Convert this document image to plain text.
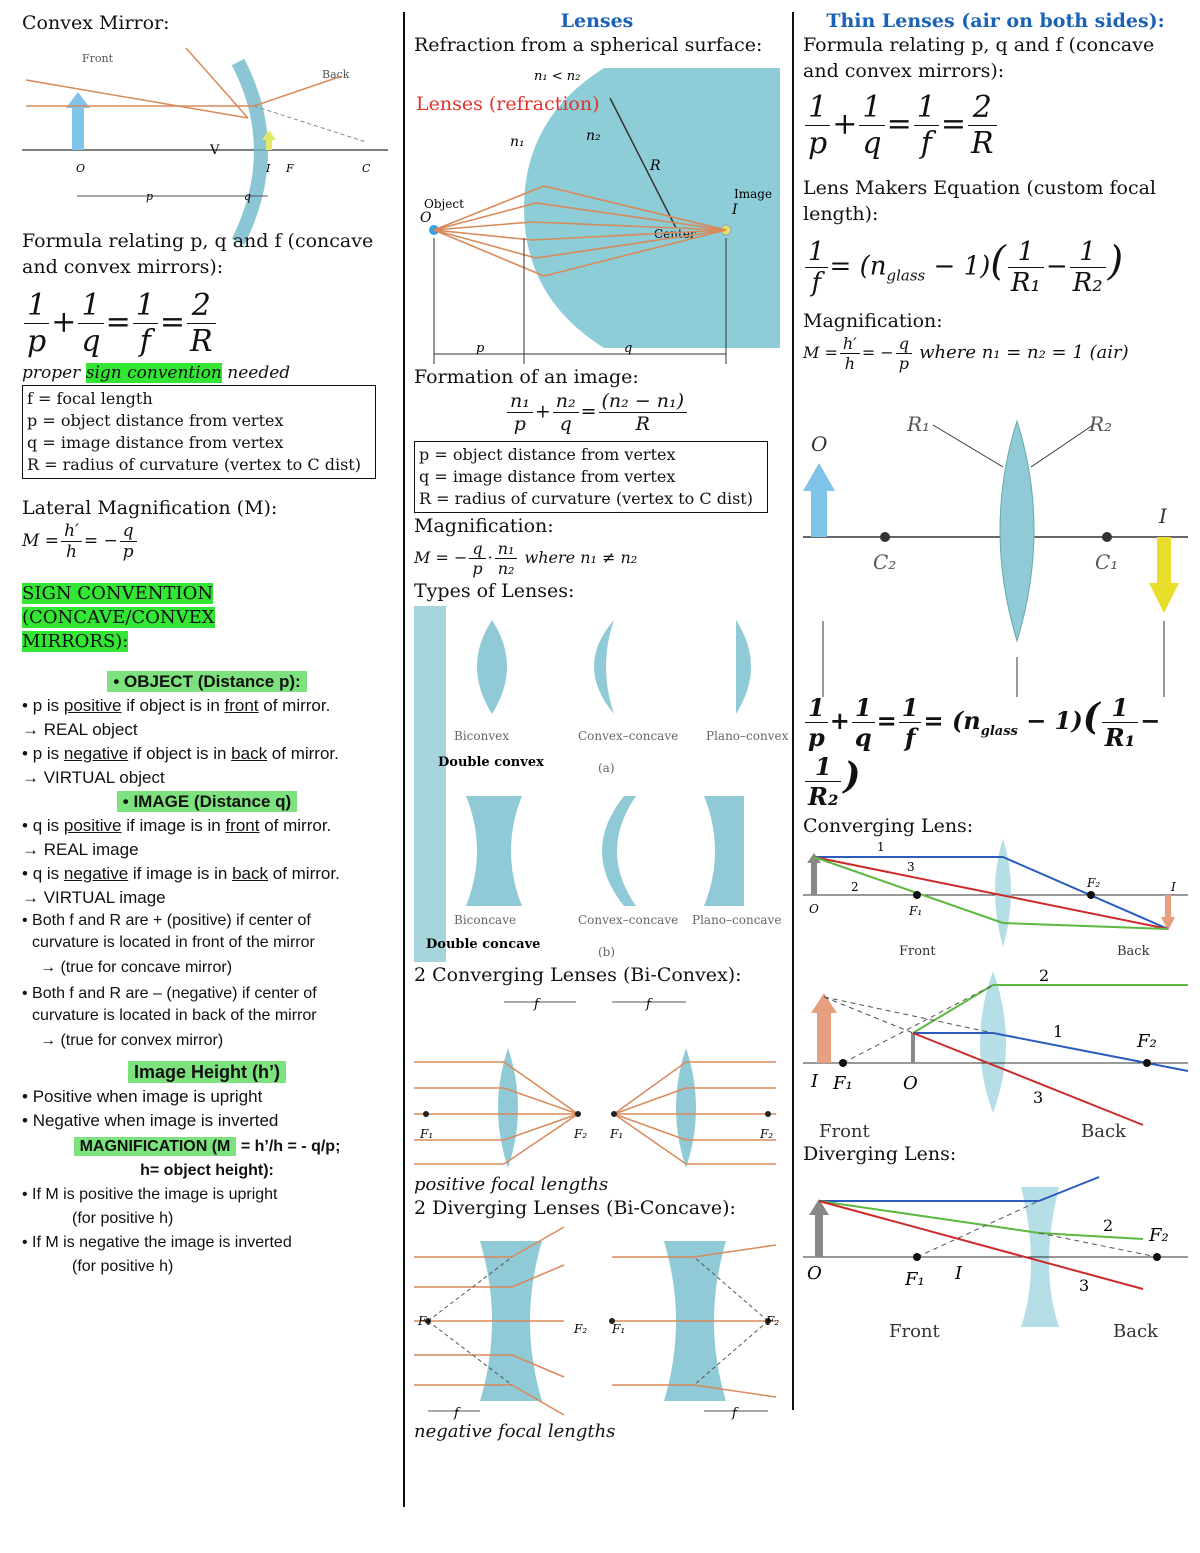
Convex Mirror:
Front
Back
O	I F	C
V
p	q
Formula relating p, q and f (concave and convex mirrors):
$\frac{1}{p} + \frac{1}{q} = \frac{1}{f} = \frac{2}{R}$
proper sign convention needed
f = focal length
p = object distance from vertex
q = image distance from vertex
R = radius of curvature (vertex to C dist)
Lateral Magnification (M):
$M = \frac{h'}{h}$ = − $\frac{q}{p}$
SIGN CONVENTION (CONCAVE/CONVEX MIRRORS):
• OBJECT (Distance p):
• p is positive if object is in front of mirror.
→ REAL object
• p is negative if object is in back of mirror.
→ VIRTUAL object
• IMAGE (Distance q)
• q is positive if image is in front of mirror.
→ REAL image
• q is negative if image is in back of mirror.
→ VIRTUAL image
• Both f and R are + (positive) if center of curvature is located in front of the mirror
→ (true for concave mirror)
• Both f and R are – (negative) if center of curvature is located in back of the mirror
→ (true for convex mirror)
Image Height (h’)
• Positive when image is upright
• Negative when image is inverted
MAGNIFICATION (M = h’/h = - q/p;
h= object height):
• If M is positive the image is upright
(for positive h)
• If M is negative the image is inverted
(for positive h)
Lenses
Refraction from a spherical surface:
n₁ < n₂
Lenses (refraction)
n₁	n₂
R
Object
O
Image
I
Center
p	q
Formation of an image:
$\frac{\text{n₁}}{p} + \frac{\text{n₂}}{q} = \frac{\text{(n₂ − n₁)}}{R}$
p = object distance from vertex
q = image distance from vertex
R = radius of curvature (vertex to C dist)
Magnification:
M = − $\frac{q}{p} \cdot \frac{\text{n₁}}{\text{n₂}}$ where n₁ ≠ n₂
Types of Lenses:
Biconvex	Convex–concave Plano–convex
Double convex	(a)
Biconcave	Convex–concave Plano–concave
Double concave	(b)
2 Converging Lenses (Bi-Convex):
f	f
F₁	F₂ F₁	F₂
positive focal lengths
2 Diverging Lenses (Bi-Concave):
F₁
F₂ F₁
F₂
f	f
negative focal lengths
Thin Lenses (air on both sides):
Formula relating p, q and f (concave and convex mirrors):
$\frac{1}{p} + \frac{1}{q} = \frac{1}{f} = \frac{2}{R}$
Lens Makers Equation (custom focal length):
$\frac{1}{f} = (n_{glass} - 1)( \frac{1}{\text{R₁}} - \frac{1}{\text{R₂}}$ )
Magnification:
$M = \frac{h'}{h}$ = − $\frac{q}{p}$ where n₁ = n₂ = 1 (air)
R₁	R₂
O
I
C₂	C₁
$\frac{1}{p} + \frac{1}{q} = \frac{1}{f} = (n_{glass} - 1)( \frac{1}{\text{R₁}}$ −
$\frac{1}{\text{R₂}}$ )
Converging Lens:
O	F₁
F₂	I
1
2
3
Front	Back
I F₁	O
F₂
2
1
3
Front	Back
Diverging Lens:
O	F₁ I
F₂
2
3
Front	Back
